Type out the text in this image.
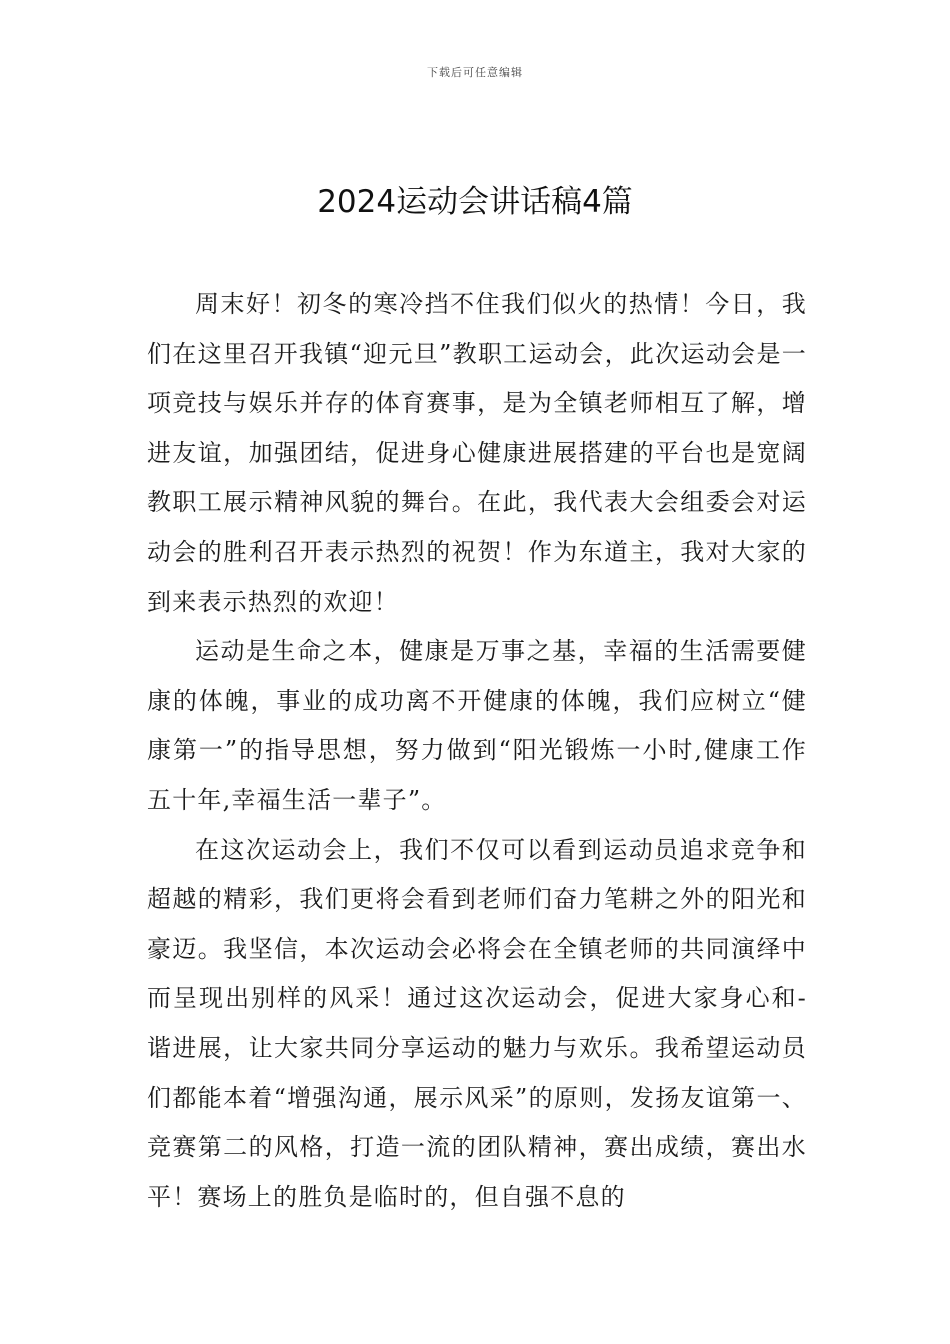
下载后可任意编辑
2024运动会讲话稿4篇

周末好！初冬的寒冷挡不住我们似火的热情！今日，我们在这里召开我镇“迎元旦”教职工运动会，此次运动会是一项竞技与娱乐并存的体育赛事，是为全镇老师相互了解，增进友谊，加强团结，促进身心健康进展搭建的平台也是宽阔教职工展示精神风貌的舞台。在此，我代表大会组委会对运动会的胜利召开表示热烈的祝贺！作为东道主，我对大家的到来表示热烈的欢迎！

运动是生命之本，健康是万事之基，幸福的生活需要健康的体魄，事业的成功离不开健康的体魄，我们应树立“健康第一”的指导思想，努力做到“阳光锻炼一小时,健康工作五十年,幸福生活一辈子”。

在这次运动会上，我们不仅可以看到运动员追求竞争和超越的精彩，我们更将会看到老师们奋力笔耕之外的阳光和豪迈。我坚信，本次运动会必将会在全镇老师的共同演绎中而呈现出别样的风采！通过这次运动会，促进大家身心和-谐进展，让大家共同分享运动的魅力与欢乐。我希望运动员们都能本着“增强沟通，展示风采”的原则，发扬友谊第一、竞赛第二的风格，打造一流的团队精神，赛出成绩，赛出水平！赛场上的胜负是临时的，但自强不息的
